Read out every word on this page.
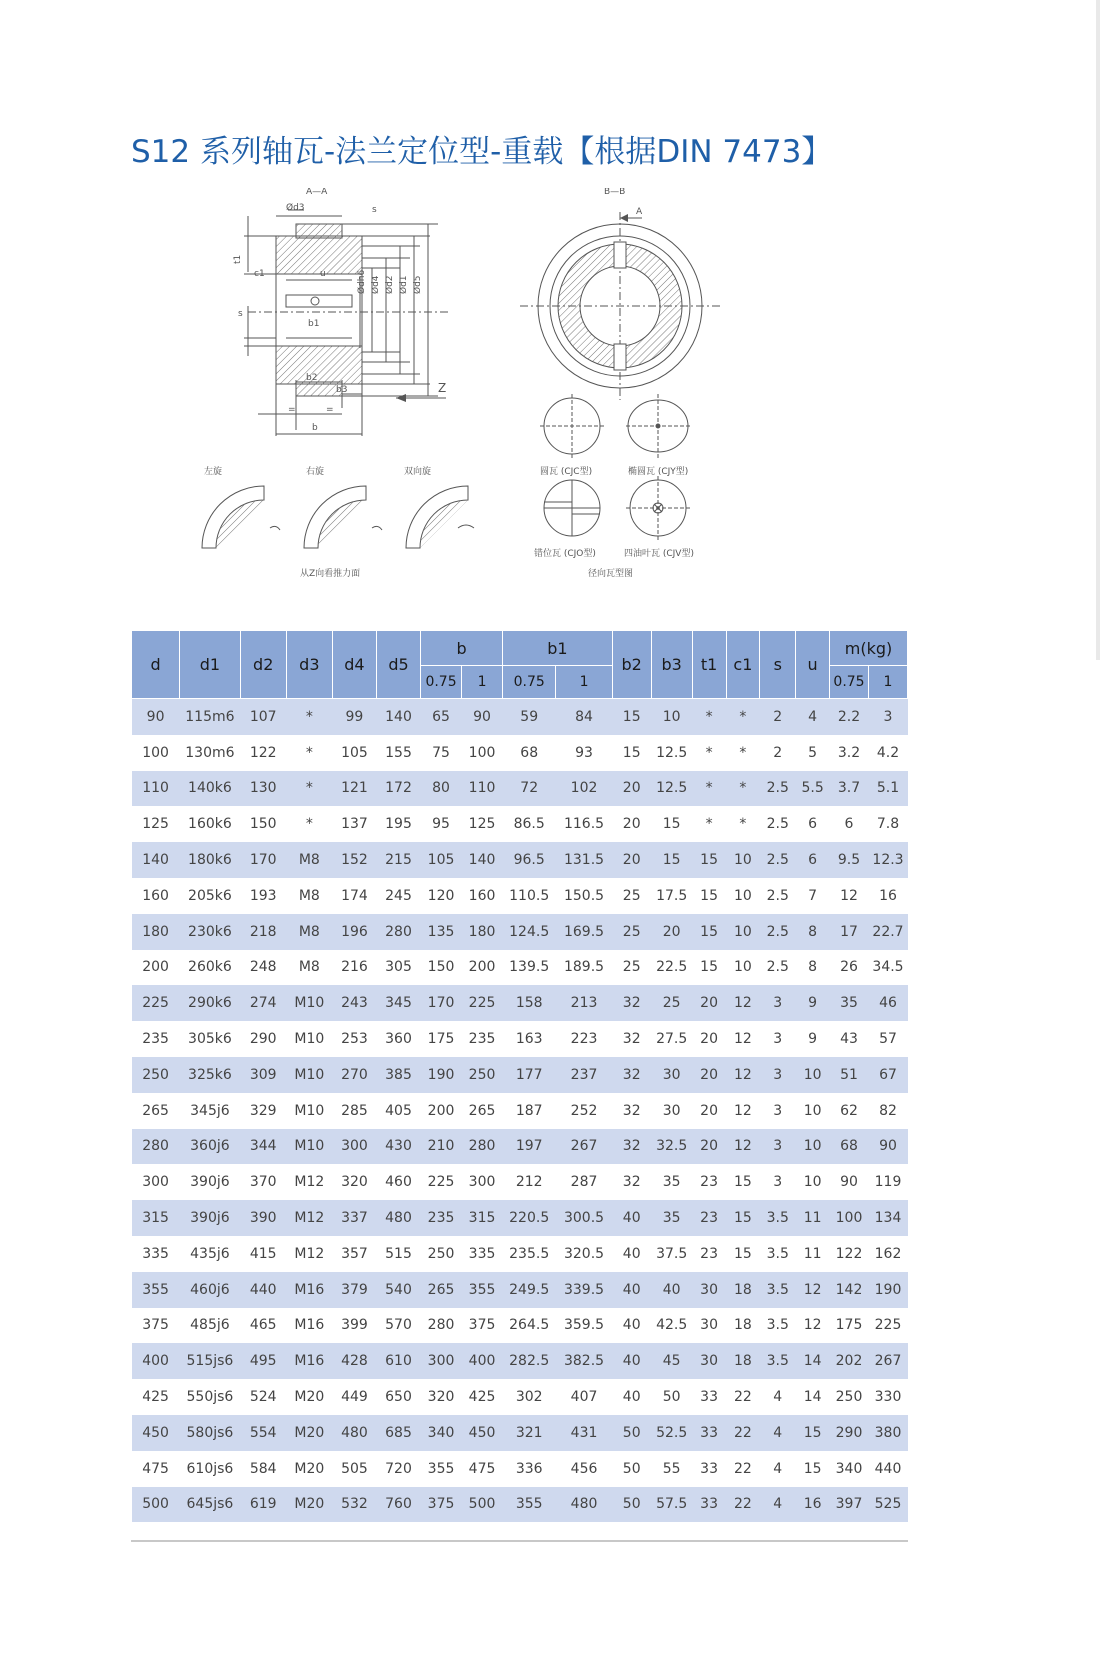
S12 系列轴瓦-法兰定位型-重载【根据DIN 7473】
A—A
Ød3	s
t1
c1	u
s
b1
b2
b3
=	=
b
Z
Ødh6 Ød4 Ød2 Ød1 Ød5
B—B
A
圆瓦 (CJC型)	椭圆瓦 (CJY型)
错位瓦 (CJO型)	四油叶瓦 (CJV型)
径向瓦型图
左旋	右旋	双向旋
从Z向看推力面
d	d1	d2	d3	d4	d5	b		b1		b2	b3	t1	c1	s	u	m(kg)	
						0.75	1	0.75	1							0.75	1
90	115m6	107	*	99	140	65	90	59	84	15	10	*	*	2	4	2.2	3
100	130m6	122	*	105	155	75	100	68	93	15	12.5	*	*	2	5	3.2	4.2
110	140k6	130	*	121	172	80	110	72	102	20	12.5	*	*	2.5	5.5	3.7	5.1
125	160k6	150	*	137	195	95	125	86.5	116.5	20	15	*	*	2.5	6	6	7.8
140	180k6	170	M8	152	215	105	140	96.5	131.5	20	15	15	10	2.5	6	9.5	12.3
160	205k6	193	M8	174	245	120	160	110.5	150.5	25	17.5	15	10	2.5	7	12	16
180	230k6	218	M8	196	280	135	180	124.5	169.5	25	20	15	10	2.5	8	17	22.7
200	260k6	248	M8	216	305	150	200	139.5	189.5	25	22.5	15	10	2.5	8	26	34.5
225	290k6	274	M10	243	345	170	225	158	213	32	25	20	12	3	9	35	46
235	305k6	290	M10	253	360	175	235	163	223	32	27.5	20	12	3	9	43	57
250	325k6	309	M10	270	385	190	250	177	237	32	30	20	12	3	10	51	67
265	345j6	329	M10	285	405	200	265	187	252	32	30	20	12	3	10	62	82
280	360j6	344	M10	300	430	210	280	197	267	32	32.5	20	12	3	10	68	90
300	390j6	370	M12	320	460	225	300	212	287	32	35	23	15	3	10	90	119
315	390j6	390	M12	337	480	235	315	220.5	300.5	40	35	23	15	3.5	11	100	134
335	435j6	415	M12	357	515	250	335	235.5	320.5	40	37.5	23	15	3.5	11	122	162
355	460j6	440	M16	379	540	265	355	249.5	339.5	40	40	30	18	3.5	12	142	190
375	485j6	465	M16	399	570	280	375	264.5	359.5	40	42.5	30	18	3.5	12	175	225
400	515js6	495	M16	428	610	300	400	282.5	382.5	40	45	30	18	3.5	14	202	267
425	550js6	524	M20	449	650	320	425	302	407	40	50	33	22	4	14	250	330
450	580js6	554	M20	480	685	340	450	321	431	50	52.5	33	22	4	15	290	380
475	610js6	584	M20	505	720	355	475	336	456	50	55	33	22	4	15	340	440
500	645js6	619	M20	532	760	375	500	355	480	50	57.5	33	22	4	16	397	525
